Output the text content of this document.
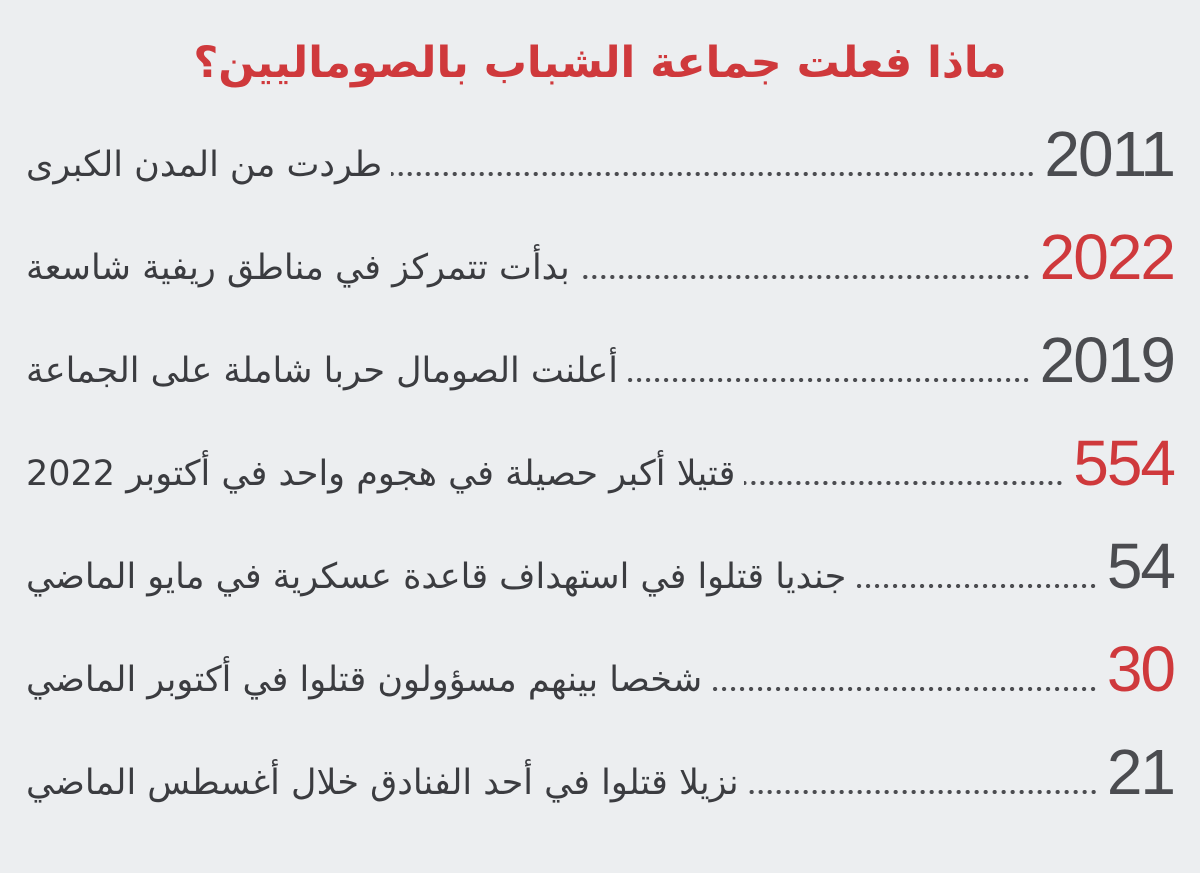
ماذا فعلت جماعة الشباب بالصوماليين؟
2011
طردت من المدن الكبرى
2022
بدأت تتمركز في مناطق ريفية شاسعة
2019
أعلنت الصومال حربا شاملة على الجماعة
554
قتيلا أكبر حصيلة في هجوم واحد في أكتوبر 2022
54
جنديا قتلوا في استهداف قاعدة عسكرية في مايو الماضي
30
شخصا بينهم مسؤولون قتلوا في أكتوبر الماضي
21
نزيلا قتلوا في أحد الفنادق خلال أغسطس الماضي
